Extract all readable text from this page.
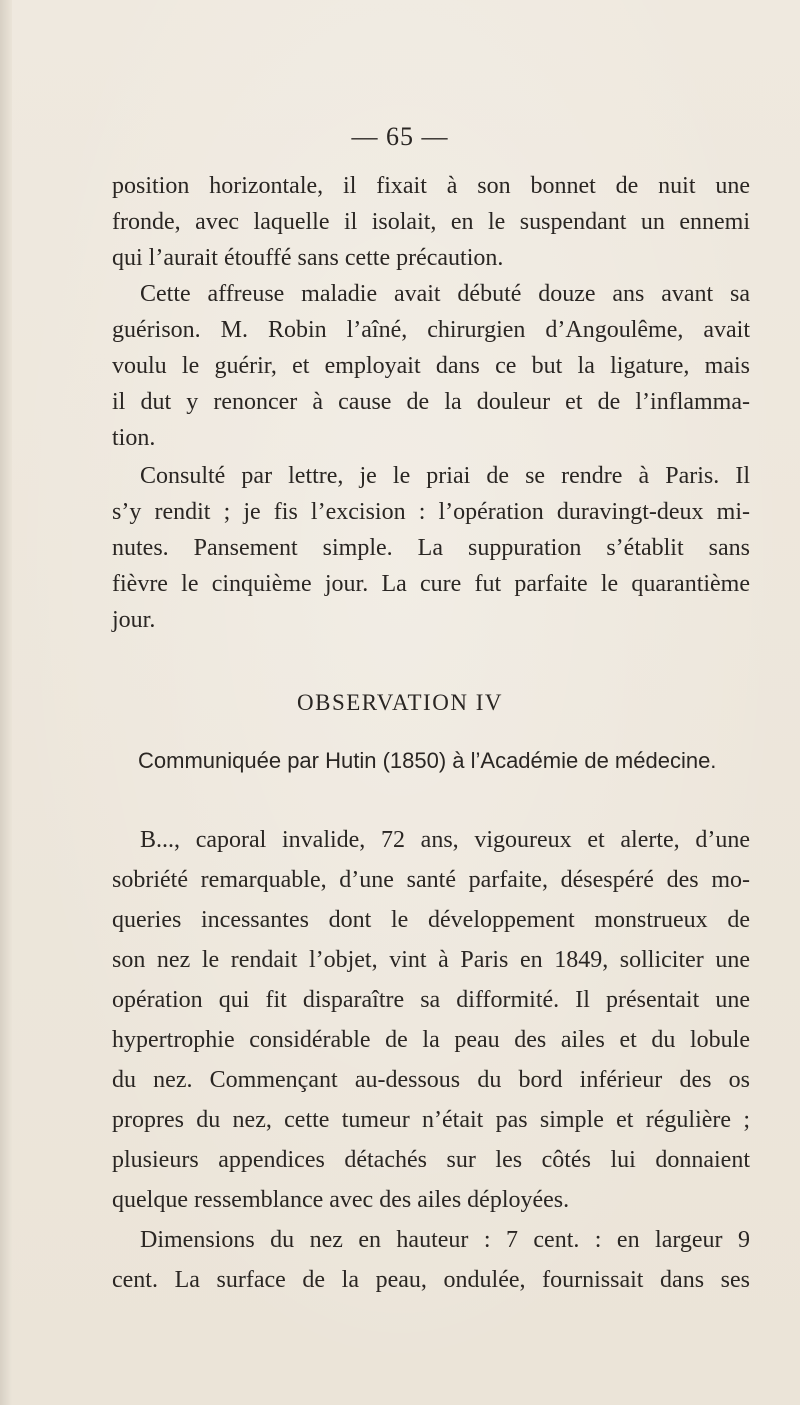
— 65 —
position horizontale, il fixait à son bonnet de nuit une
fronde, avec laquelle il isolait, en le suspendant un ennemi
qui l’aurait étouffé sans cette précaution.
Cette affreuse maladie avait débuté douze ans avant sa
guérison. M. Robin l’aîné, chirurgien d’Angoulême, avait
voulu le guérir, et employait dans ce but la ligature, mais
il dut y renoncer à cause de la douleur et de l’inflamma-
tion.
Consulté par lettre, je le priai de se rendre à Paris. Il
s’y rendit ; je fis l’excision : l’opération duravingt-deux mi-
nutes. Pansement simple. La suppuration s’établit sans
fièvre le cinquième jour. La cure fut parfaite le quarantième
jour.
OBSERVATION IV
Communiquée par Hutin (1850) à l’Académie de médecine.
B..., caporal invalide, 72 ans, vigoureux et alerte, d’une
sobriété remarquable, d’une santé parfaite, désespéré des mo-
queries incessantes dont le développement monstrueux de
son nez le rendait l’objet, vint à Paris en 1849, solliciter une
opération qui fit disparaître sa difformité. Il présentait une
hypertrophie considérable de la peau des ailes et du lobule
du nez. Commençant au-dessous du bord inférieur des os
propres du nez, cette tumeur n’était pas simple et régulière ;
plusieurs appendices détachés sur les côtés lui donnaient
quelque ressemblance avec des ailes déployées.
Dimensions du nez en hauteur : 7 cent. : en largeur 9
cent. La surface de la peau, ondulée, fournissait dans ses
